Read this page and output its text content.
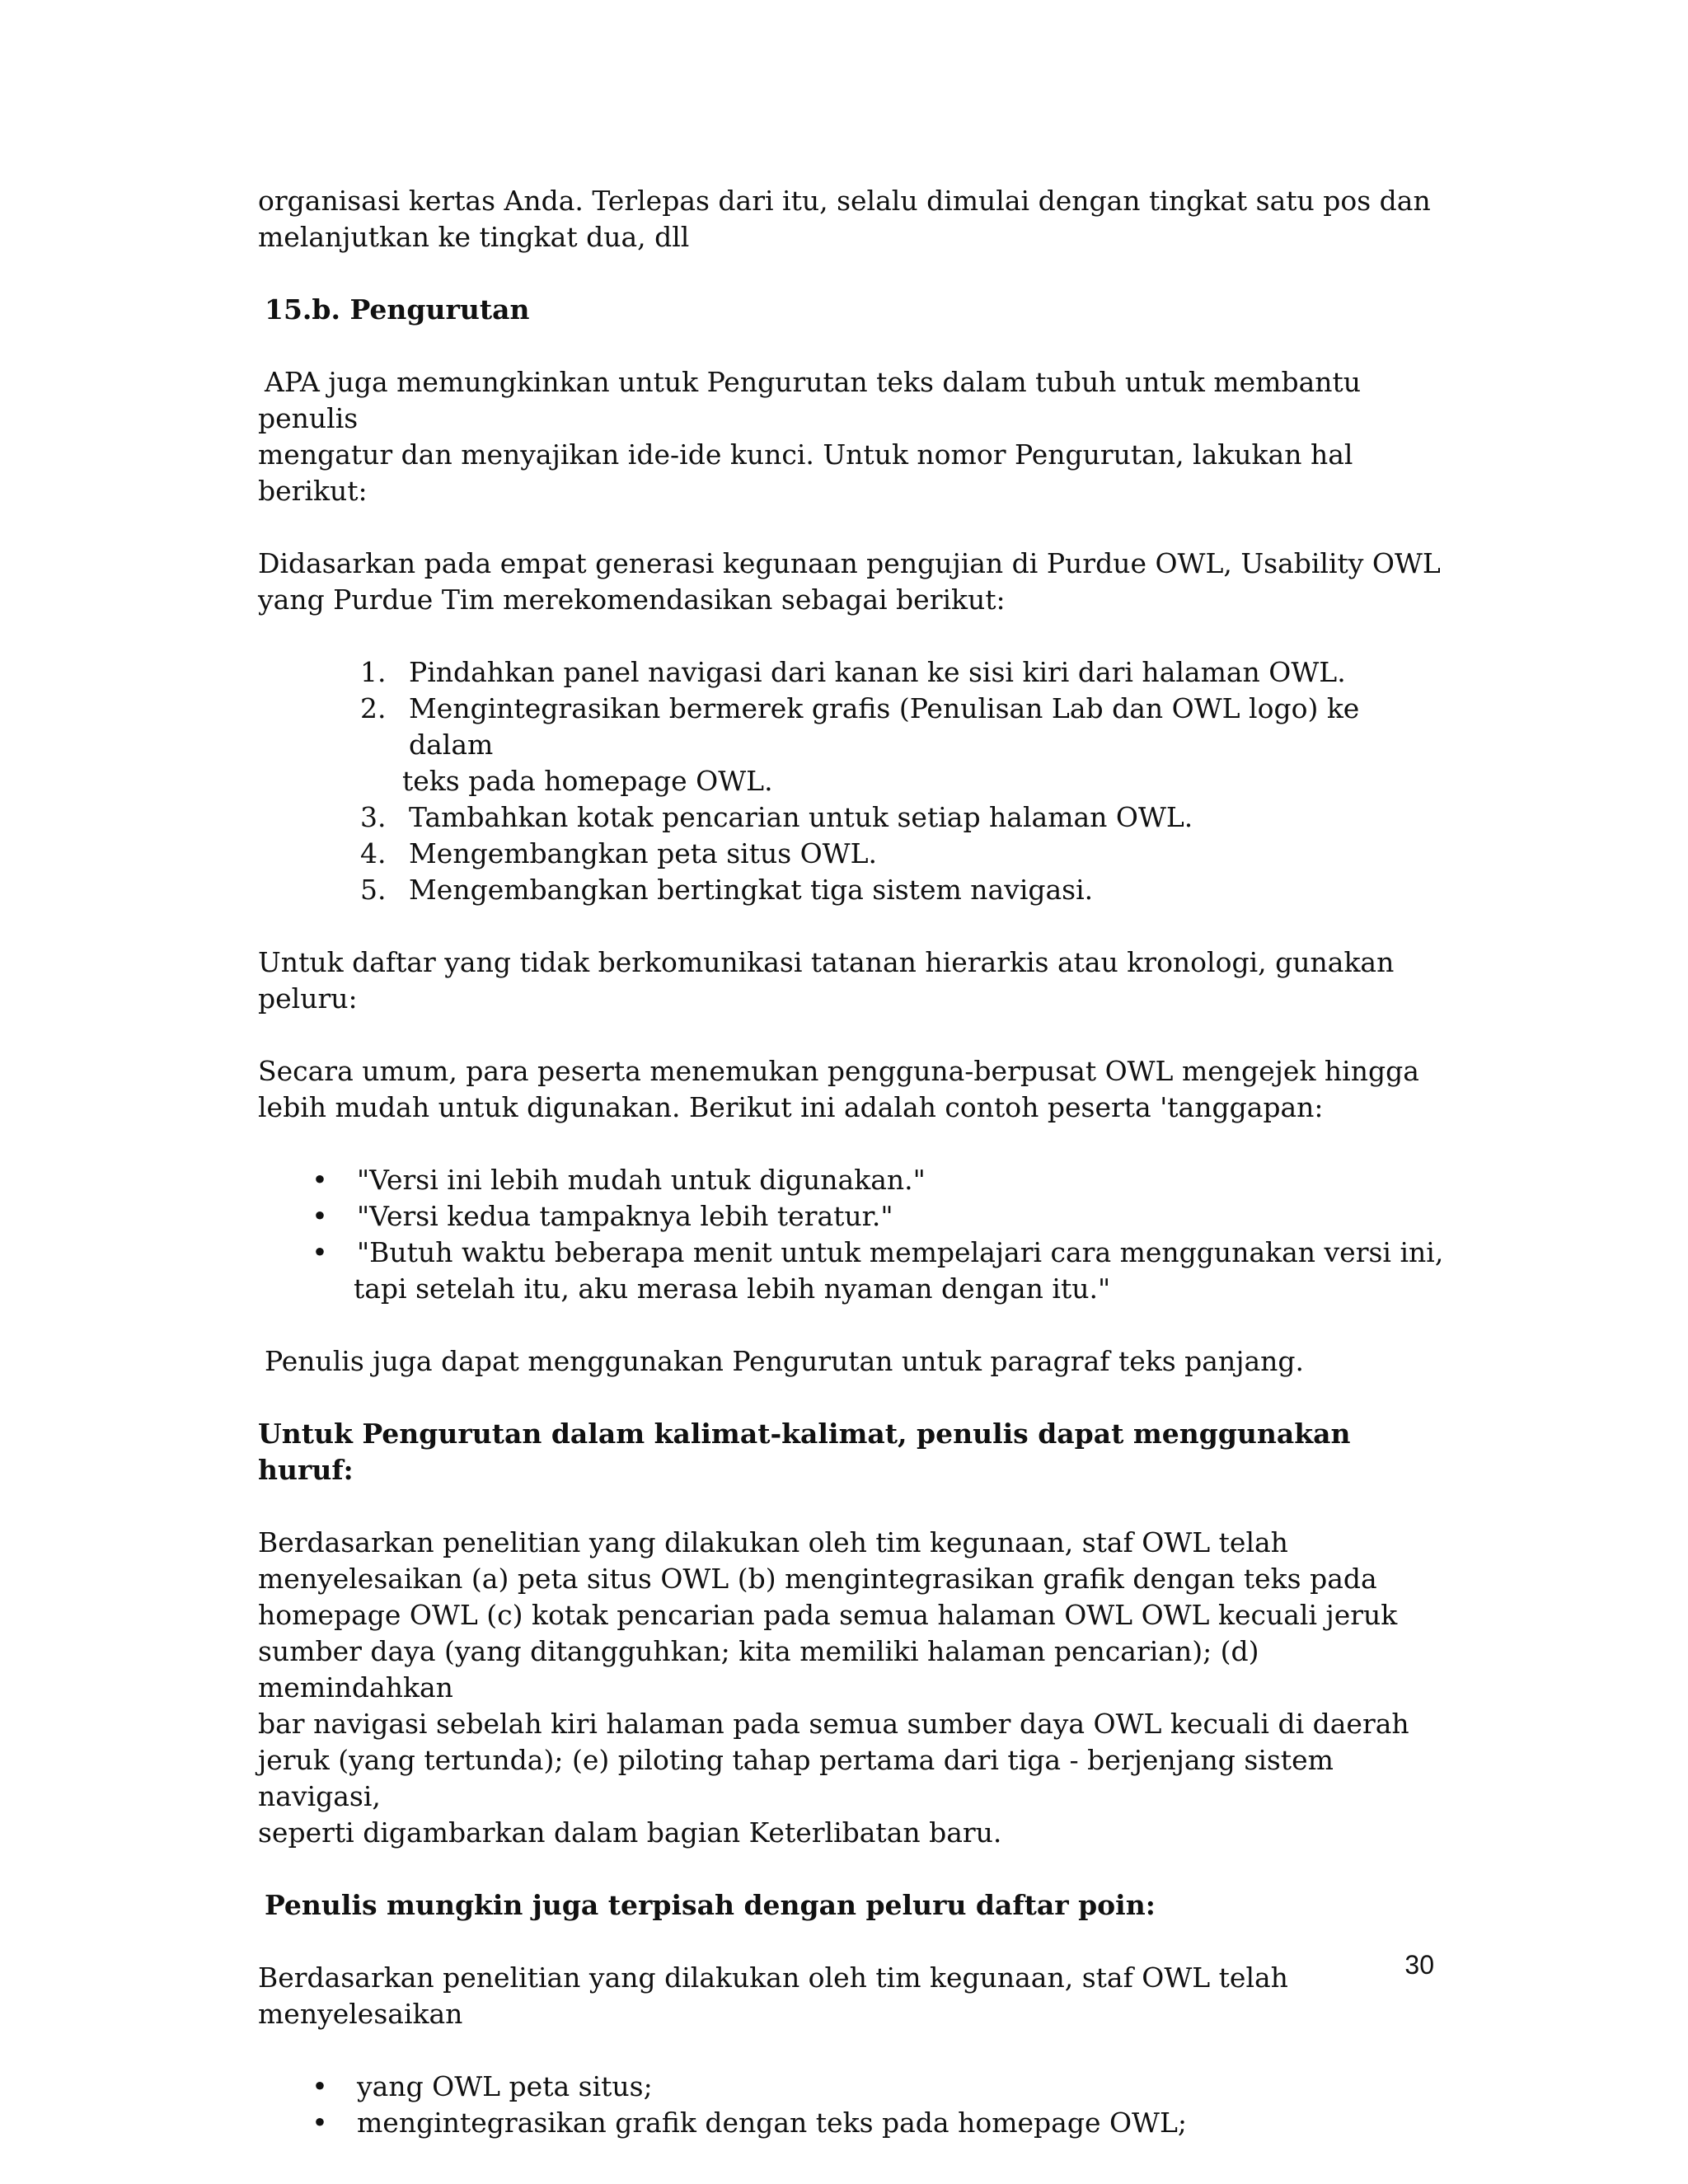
organisasi kertas Anda. Terlepas dari itu, selalu dimulai dengan tingkat satu pos dan
melanjutkan ke tingkat dua, dll

15.b. Pengurutan

APA juga memungkinkan untuk Pengurutan teks dalam tubuh untuk membantu penulis
mengatur dan menyajikan ide-ide kunci. Untuk nomor Pengurutan, lakukan hal berikut:

Didasarkan pada empat generasi kegunaan pengujian di Purdue OWL, Usability OWL
yang Purdue Tim merekomendasikan sebagai berikut:

1. Pindahkan panel navigasi dari kanan ke sisi kiri dari halaman OWL.
2. Mengintegrasikan bermerek grafis (Penulisan Lab dan OWL logo) ke dalam
teks pada homepage OWL.
3. Tambahkan kotak pencarian untuk setiap halaman OWL.
4. Mengembangkan peta situs OWL.
5. Mengembangkan bertingkat tiga sistem navigasi.

Untuk daftar yang tidak berkomunikasi tatanan hierarkis atau kronologi, gunakan
peluru:

Secara umum, para peserta menemukan pengguna-berpusat OWL mengejek hingga
lebih mudah untuk digunakan. Berikut ini adalah contoh peserta 'tanggapan:

• "Versi ini lebih mudah untuk digunakan."
• "Versi kedua tampaknya lebih teratur."
• "Butuh waktu beberapa menit untuk mempelajari cara menggunakan versi ini,
tapi setelah itu, aku merasa lebih nyaman dengan itu."

Penulis juga dapat menggunakan Pengurutan untuk paragraf teks panjang.

Untuk Pengurutan dalam kalimat-kalimat, penulis dapat menggunakan huruf:

Berdasarkan penelitian yang dilakukan oleh tim kegunaan, staf OWL telah
menyelesaikan (a) peta situs OWL (b) mengintegrasikan grafik dengan teks pada
homepage OWL (c) kotak pencarian pada semua halaman OWL OWL kecuali jeruk
sumber daya (yang ditangguhkan; kita memiliki halaman pencarian); (d) memindahkan
bar navigasi sebelah kiri halaman pada semua sumber daya OWL kecuali di daerah
jeruk (yang tertunda); (e) piloting tahap pertama dari tiga - berjenjang sistem navigasi,
seperti digambarkan dalam bagian Keterlibatan baru.

Penulis mungkin juga terpisah dengan peluru daftar poin:

Berdasarkan penelitian yang dilakukan oleh tim kegunaan, staf OWL telah
menyelesaikan

• yang OWL peta situs;
• mengintegrasikan grafik dengan teks pada homepage OWL;
30
